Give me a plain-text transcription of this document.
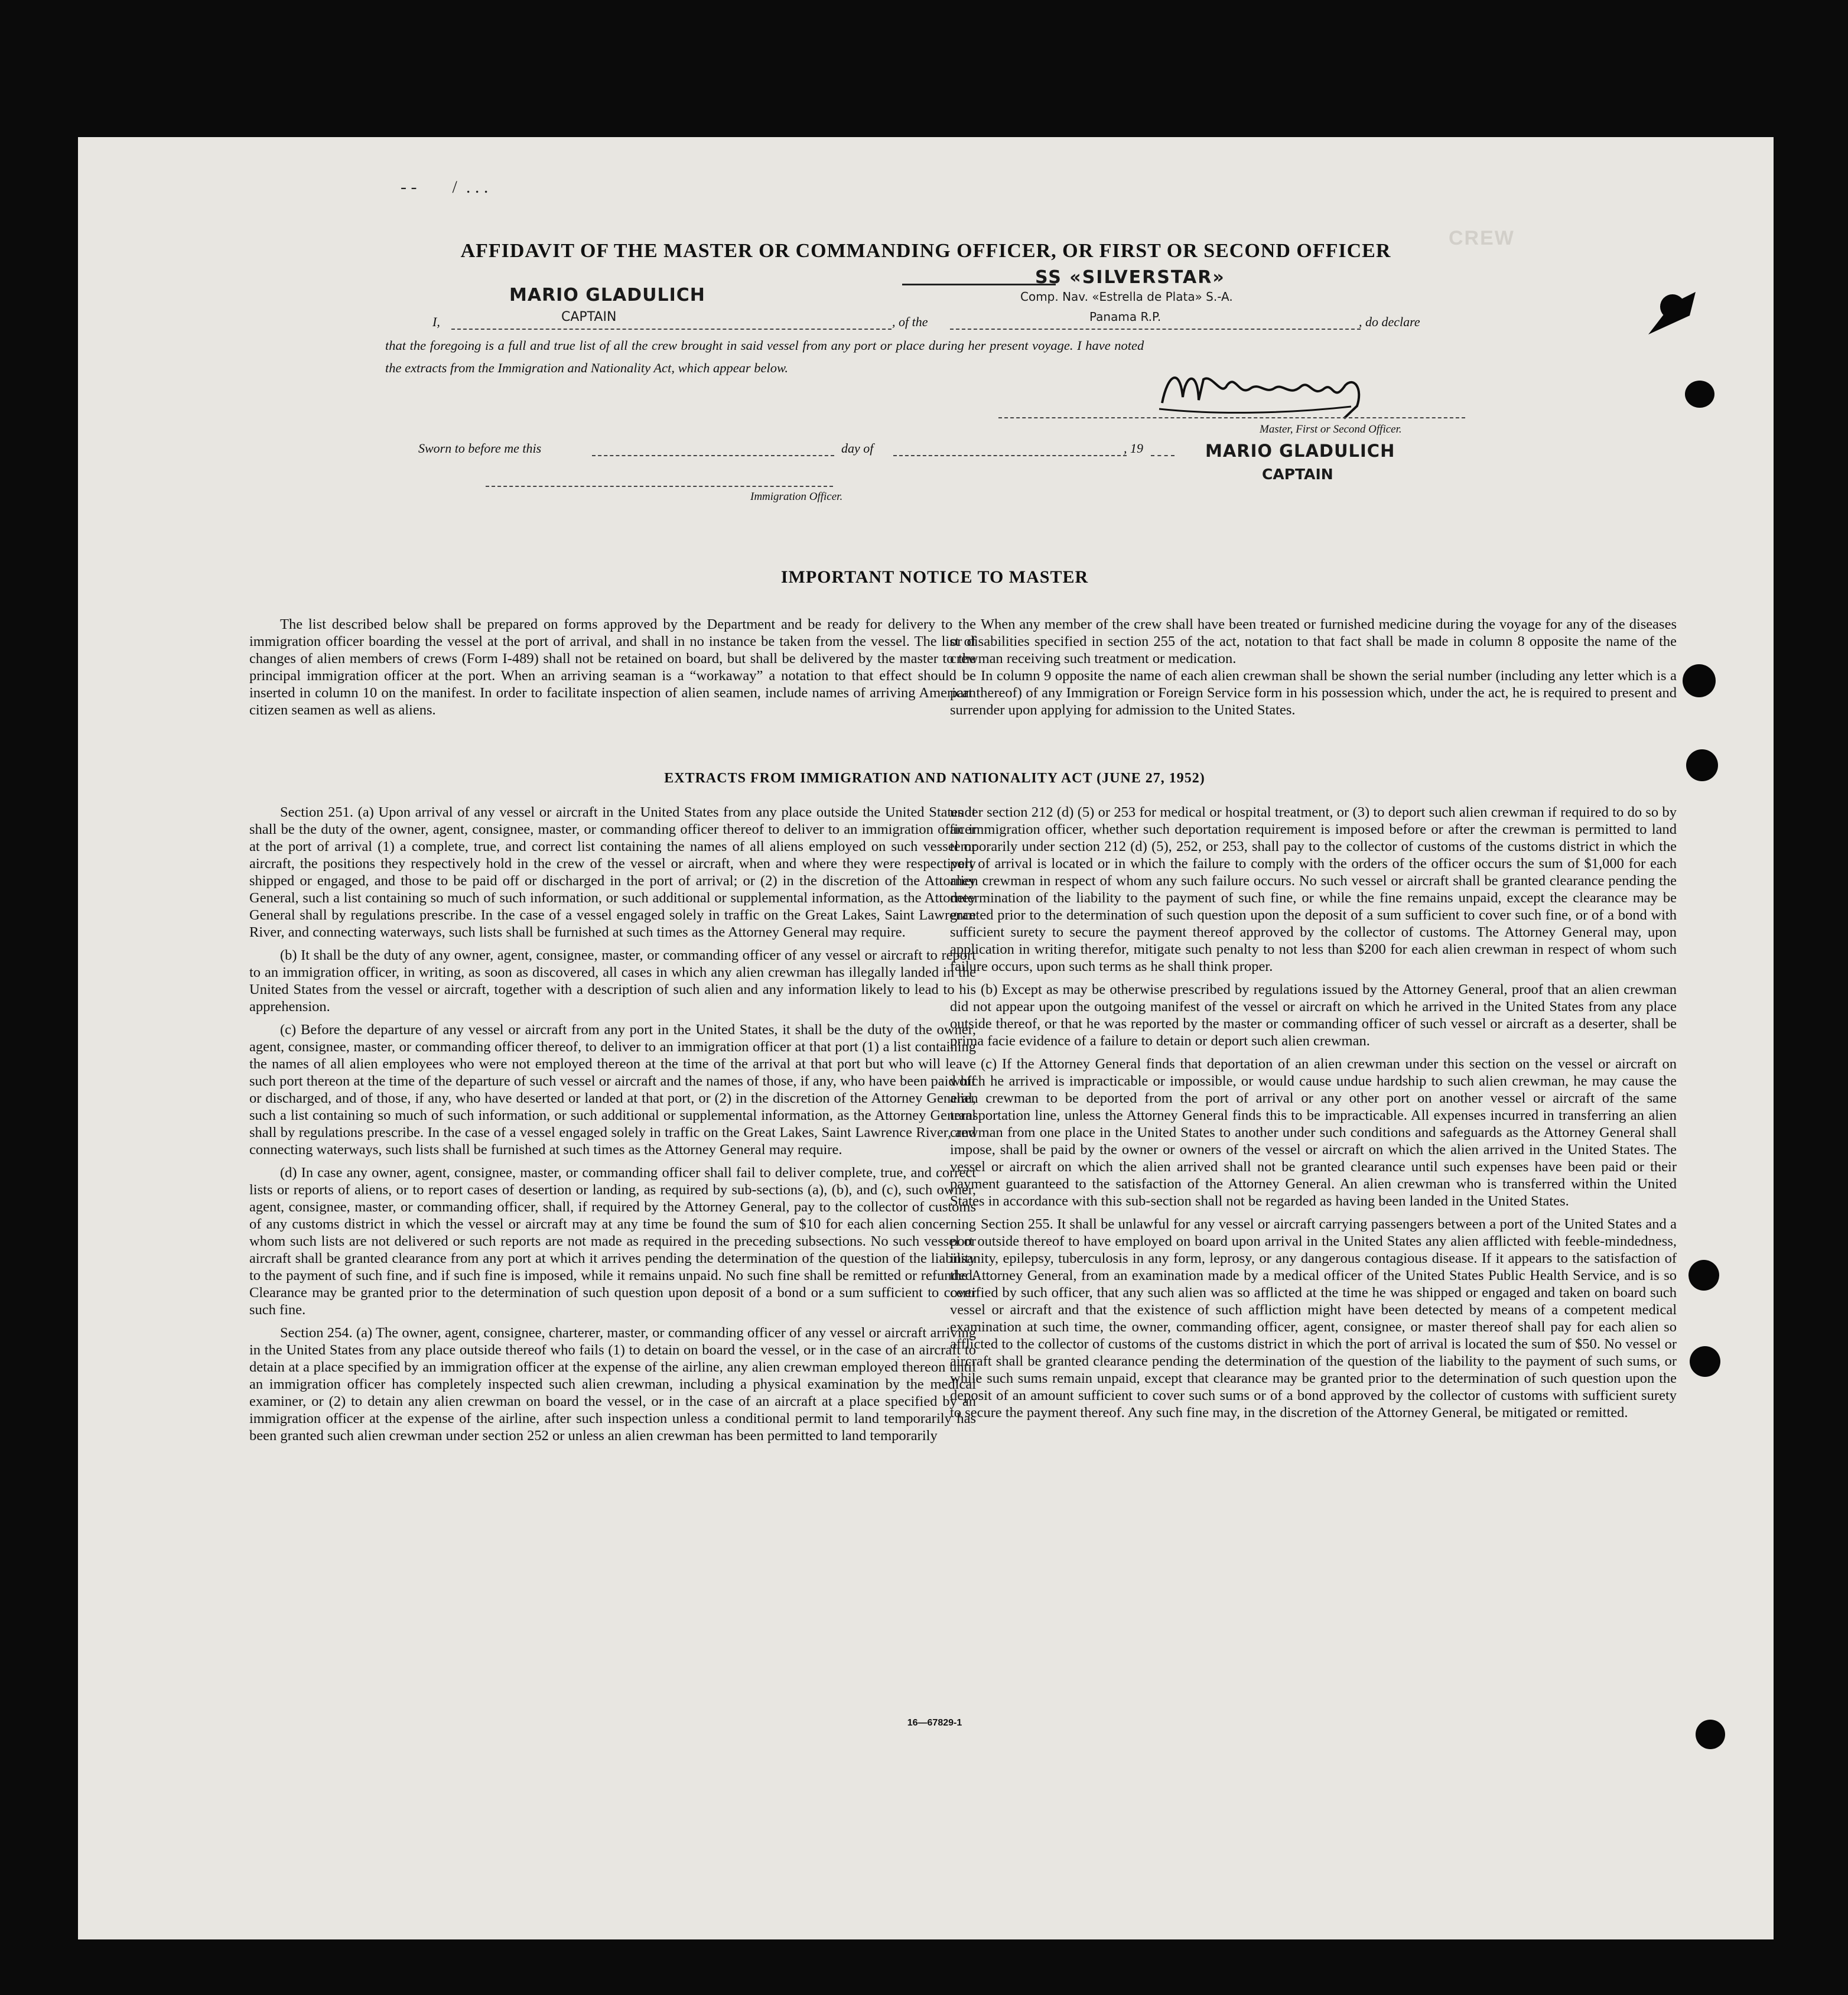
CREW
- -        /  . . .
AFFIDAVIT OF THE MASTER OR COMMANDING OFFICER, OR FIRST OR SECOND OFFICER
MARIO GLADULICH
SS «SILVERSTAR»
Comp. Nav. «Estrella de Plata» S.-A.
I,	CAPTAIN	, of the	Panama R.P.	, do declare
that the foregoing is a full and true list of all the crew brought in said vessel from any port or place during her present voyage. I have noted
the extracts from the Immigration and Nationality Act, which appear below.
Master, First or Second Officer.
Sworn to before me this	day of	, 19	MARIO GLADULICH
CAPTAIN
Immigration Officer.
IMPORTANT NOTICE TO MASTER

The list described below shall be prepared on forms approved by the Department and be ready for delivery to the immigration officer boarding the vessel at the port of arrival, and shall in no instance be taken from the vessel. The list of changes of alien members of crews (Form I-489) shall not be retained on board, but shall be delivered by the master to the principal immigration officer at the port. When an arriving seaman is a “workaway” a notation to that effect should be inserted in column 10 on the manifest. In order to facilitate inspection of alien seamen, include names of arriving American citizen seamen as well as aliens.

When any member of the crew shall have been treated or furnished medicine during the voyage for any of the diseases or disabilities specified in section 255 of the act, notation to that fact shall be made in column 8 opposite the name of the crewman receiving such treatment or medication.

In column 9 opposite the name of each alien crewman shall be shown the serial number (including any letter which is a part thereof) of any Immigration or Foreign Service form in his possession which, under the act, he is required to present and surrender upon applying for admission to the United States.

EXTRACTS FROM IMMIGRATION AND NATIONALITY ACT (JUNE 27, 1952)

Section 251. (a) Upon arrival of any vessel or aircraft in the United States from any place outside the United States it shall be the duty of the owner, agent, consignee, master, or commanding officer thereof to deliver to an immigration officer at the port of arrival (1) a complete, true, and correct list containing the names of all aliens employed on such vessel or aircraft, the positions they respectively hold in the crew of the vessel or aircraft, when and where they were respectively shipped or engaged, and those to be paid off or discharged in the port of arrival; or (2) in the discretion of the Attorney General, such a list containing so much of such information, or such additional or supplemental information, as the Attorney General shall by regulations prescribe. In the case of a vessel engaged solely in traffic on the Great Lakes, Saint Lawrence River, and connecting waterways, such lists shall be furnished at such times as the Attorney General may require.

(b) It shall be the duty of any owner, agent, consignee, master, or commanding officer of any vessel or aircraft to report to an immigration officer, in writing, as soon as discovered, all cases in which any alien crewman has illegally landed in the United States from the vessel or aircraft, together with a description of such alien and any information likely to lead to his apprehension.

(c) Before the departure of any vessel or aircraft from any port in the United States, it shall be the duty of the owner, agent, consignee, master, or commanding officer thereof, to deliver to an immigration officer at that port (1) a list containing the names of all alien employees who were not employed thereon at the time of the arrival at that port but who will leave such port thereon at the time of the departure of such vessel or aircraft and the names of those, if any, who have been paid off or discharged, and of those, if any, who have deserted or landed at that port, or (2) in the discretion of the Attorney General, such a list containing so much of such information, or such additional or supplemental information, as the Attorney General shall by regulations prescribe. In the case of a vessel engaged solely in traffic on the Great Lakes, Saint Lawrence River, and connecting waterways, such lists shall be furnished at such times as the Attorney General may require.

(d) In case any owner, agent, consignee, master, or commanding officer shall fail to deliver complete, true, and correct lists or reports of aliens, or to report cases of desertion or landing, as required by sub-sections (a), (b), and (c), such owner, agent, consignee, master, or commanding officer, shall, if required by the Attorney General, pay to the collector of customs of any customs district in which the vessel or aircraft may at any time be found the sum of $10 for each alien concerning whom such lists are not delivered or such reports are not made as required in the preceding subsections. No such vessel or aircraft shall be granted clearance from any port at which it arrives pending the determination of the question of the liability to the payment of such fine, and if such fine is imposed, while it remains unpaid. No such fine shall be remitted or refunded. Clearance may be granted prior to the determination of such question upon deposit of a bond or a sum sufficient to cover such fine.

Section 254. (a) The owner, agent, consignee, charterer, master, or commanding officer of any vessel or aircraft arriving in the United States from any place outside thereof who fails (1) to detain on board the vessel, or in the case of an aircraft to detain at a place specified by an immigration officer at the expense of the airline, any alien crewman employed thereon until an immigration officer has completely inspected such alien crewman, including a physical examination by the medical examiner, or (2) to detain any alien crewman on board the vessel, or in the case of an aircraft at a place specified by an immigration officer at the expense of the airline, after such inspection unless a conditional permit to land temporarily has been granted such alien crewman under section 252 or unless an alien crewman has been permitted to land temporarily

under section 212 (d) (5) or 253 for medical or hospital treatment, or (3) to deport such alien crewman if required to do so by an immigration officer, whether such deportation requirement is imposed before or after the crewman is permitted to land temporarily under section 212 (d) (5), 252, or 253, shall pay to the collector of customs of the customs district in which the port of arrival is located or in which the failure to comply with the orders of the officer occurs the sum of $1,000 for each alien crewman in respect of whom any such failure occurs. No such vessel or aircraft shall be granted clearance pending the determination of the liability to the payment of such fine, or while the fine remains unpaid, except the clearance may be granted prior to the determination of such question upon the deposit of a sum sufficient to cover such fine, or of a bond with sufficient surety to secure the payment thereof approved by the collector of customs. The Attorney General may, upon application in writing therefor, mitigate such penalty to not less than $200 for each alien crewman in respect of whom such failure occurs, upon such terms as he shall think proper.

(b) Except as may be otherwise prescribed by regulations issued by the Attorney General, proof that an alien crewman did not appear upon the outgoing manifest of the vessel or aircraft on which he arrived in the United States from any place outside thereof, or that he was reported by the master or commanding officer of such vessel or aircraft as a deserter, shall be prima facie evidence of a failure to detain or deport such alien crewman.

(c) If the Attorney General finds that deportation of an alien crewman under this section on the vessel or aircraft on which he arrived is impracticable or impossible, or would cause undue hardship to such alien crewman, he may cause the alien crewman to be deported from the port of arrival or any other port on another vessel or aircraft of the same transportation line, unless the Attorney General finds this to be impracticable. All expenses incurred in transferring an alien crewman from one place in the United States to another under such conditions and safeguards as the Attorney General shall impose, shall be paid by the owner or owners of the vessel or aircraft on which the alien arrived in the United States. The vessel or aircraft on which the alien arrived shall not be granted clearance until such expenses have been paid or their payment guaranteed to the satisfaction of the Attorney General. An alien crewman who is transferred within the United States in accordance with this sub-section shall not be regarded as having been landed in the United States.

Section 255. It shall be unlawful for any vessel or aircraft carrying passengers between a port of the United States and a port outside thereof to have employed on board upon arrival in the United States any alien afflicted with feeble-mindedness, insanity, epilepsy, tuberculosis in any form, leprosy, or any dangerous contagious disease. If it appears to the satisfaction of the Attorney General, from an examination made by a medical officer of the United States Public Health Service, and is so certified by such officer, that any such alien was so afflicted at the time he was shipped or engaged and taken on board such vessel or aircraft and that the existence of such affliction might have been detected by means of a competent medical examination at such time, the owner, commanding officer, agent, consignee, or master thereof shall pay for each alien so afflicted to the collector of customs of the customs district in which the port of arrival is located the sum of $50. No vessel or aircraft shall be granted clearance pending the determination of the question of the liability to the payment of such sums, or while such sums remain unpaid, except that clearance may be granted prior to the determination of such question upon the deposit of an amount sufficient to cover such sums or of a bond approved by the collector of customs with sufficient surety to secure the payment thereof. Any such fine may, in the discretion of the Attorney General, be mitigated or remitted.

16—67829-1
